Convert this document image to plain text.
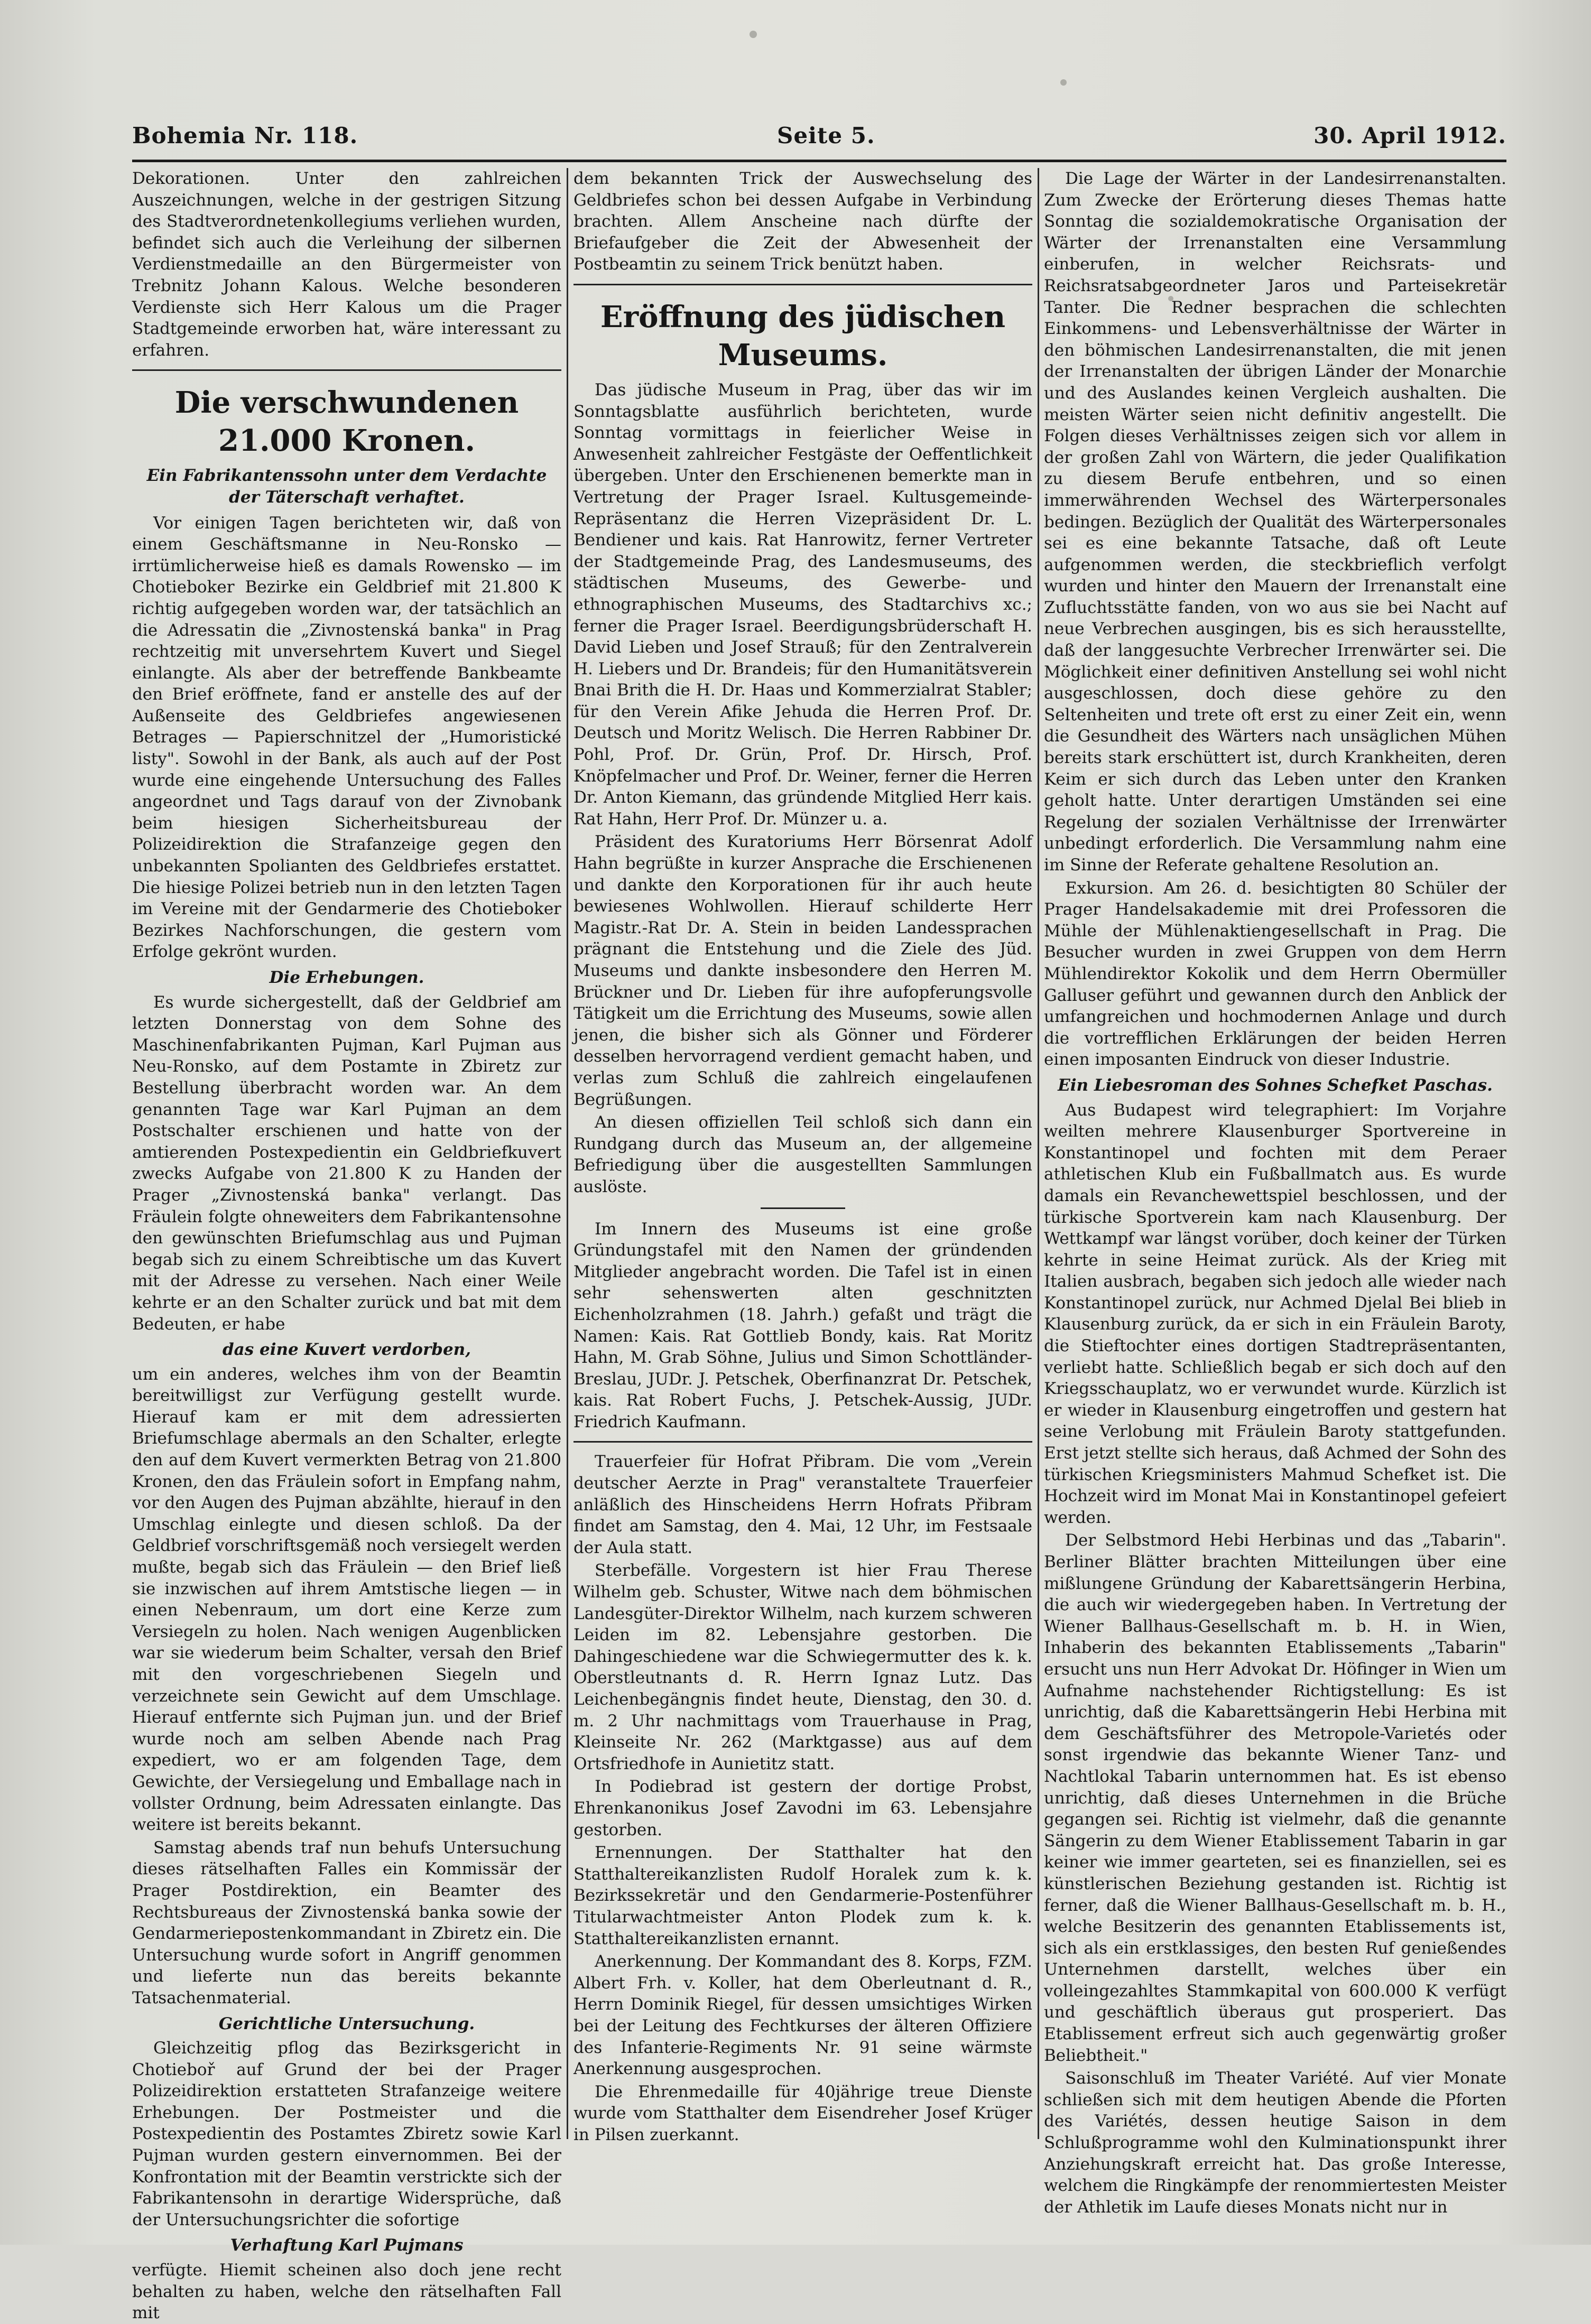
Bohemia Nr. 118.	Seite 5.	30. April 1912.

Dekorationen. Unter den zahlreichen Auszeichnungen, welche in der gestrigen Sitzung des Stadtverordnetenkollegiums verliehen wurden, befindet sich auch die Verleihung der silbernen Verdienstmedaille an den Bürgermeister von Trebnitz Johann Kalous. Welche besonderen Verdienste sich Herr Kalous um die Prager Stadtgemeinde erworben hat, wäre interessant zu erfahren.

Die verschwundenen 21.000 Kronen.
Ein Fabrikantenssohn unter dem Verdachte der Täterschaft verhaftet.

Vor einigen Tagen berichteten wir, daß von einem Geschäftsmanne in Neu-Ronsko — irrtümlicherweise hieß es damals Rowensko — im Chotieboker Bezirke ein Geldbrief mit 21.800 K richtig aufgegeben worden war, der tatsächlich an die Adressatin die „Zivnostenská banka" in Prag rechtzeitig mit unversehrtem Kuvert und Siegel einlangte. Als aber der betreffende Bankbeamte den Brief eröffnete, fand er anstelle des auf der Außenseite des Geldbriefes angewiesenen Betrages — Papierschnitzel der „Humoristické listy". Sowohl in der Bank, als auch auf der Post wurde eine eingehende Untersuchung des Falles angeordnet und Tags darauf von der Zivnobank beim hiesigen Sicherheitsbureau der Polizeidirektion die Strafanzeige gegen den unbekannten Spolianten des Geldbriefes erstattet. Die hiesige Polizei betrieb nun in den letzten Tagen im Vereine mit der Gendarmerie des Chotieboker Bezirkes Nachforschungen, die gestern vom Erfolge gekrönt wurden.

Die Erhebungen.

Es wurde sichergestellt, daß der Geldbrief am letzten Donnerstag von dem Sohne des Maschinenfabrikanten Pujman, Karl Pujman aus Neu-Ronsko, auf dem Postamte in Zbiretz zur Bestellung überbracht worden war. An dem genannten Tage war Karl Pujman an dem Postschalter erschienen und hatte von der amtierenden Postexpedientin ein Geldbriefkuvert zwecks Aufgabe von 21.800 K zu Handen der Prager „Zivnostenská banka" verlangt. Das Fräulein folgte ohneweiters dem Fabrikantensohne den gewünschten Briefumschlag aus und Pujman begab sich zu einem Schreibtische um das Kuvert mit der Adresse zu versehen. Nach einer Weile kehrte er an den Schalter zurück und bat mit dem Bedeuten, er habe

das eine Kuvert verdorben,

um ein anderes, welches ihm von der Beamtin bereitwilligst zur Verfügung gestellt wurde. Hierauf kam er mit dem adressierten Briefumschlage abermals an den Schalter, erlegte den auf dem Kuvert vermerkten Betrag von 21.800 Kronen, den das Fräulein sofort in Empfang nahm, vor den Augen des Pujman abzählte, hierauf in den Umschlag einlegte und diesen schloß. Da der Geldbrief vorschriftsgemäß noch versiegelt werden mußte, begab sich das Fräulein — den Brief ließ sie inzwischen auf ihrem Amtstische liegen — in einen Nebenraum, um dort eine Kerze zum Versiegeln zu holen. Nach wenigen Augenblicken war sie wiederum beim Schalter, versah den Brief mit den vorgeschriebenen Siegeln und verzeichnete sein Gewicht auf dem Umschlage. Hierauf entfernte sich Pujman jun. und der Brief wurde noch am selben Abende nach Prag expediert, wo er am folgenden Tage, dem Gewichte, der Versiegelung und Emballage nach in vollster Ordnung, beim Adressaten einlangte. Das weitere ist bereits bekannt.

Samstag abends traf nun behufs Untersuchung dieses rätselhaften Falles ein Kommissär der Prager Postdirektion, ein Beamter des Rechtsbureaus der Zivnostenská banka sowie der Gendarmeriepostenkommandant in Zbiretz ein. Die Untersuchung wurde sofort in Angriff genommen und lieferte nun das bereits bekannte Tatsachenmaterial.

Gerichtliche Untersuchung.

Gleichzeitig pflog das Bezirksgericht in Chotieboř auf Grund der bei der Prager Polizeidirektion erstatteten Strafanzeige weitere Erhebungen. Der Postmeister und die Postexpedientin des Postamtes Zbiretz sowie Karl Pujman wurden gestern einvernommen. Bei der Konfrontation mit der Beamtin verstrickte sich der Fabrikantensohn in derartige Widersprüche, daß der Untersuchungsrichter die sofortige

Verhaftung Karl Pujmans

verfügte. Hiemit scheinen also doch jene recht behalten zu haben, welche den rätselhaften Fall mit

dem bekannten Trick der Auswechselung des Geldbriefes schon bei dessen Aufgabe in Verbindung brachten. Allem Anscheine nach dürfte der Briefaufgeber die Zeit der Abwesenheit der Postbeamtin zu seinem Trick benützt haben.

Eröffnung des jüdischen Museums.

Das jüdische Museum in Prag, über das wir im Sonntagsblatte ausführlich berichteten, wurde Sonntag vormittags in feierlicher Weise in Anwesenheit zahlreicher Festgäste der Oeffentlichkeit übergeben. Unter den Erschienenen bemerkte man in Vertretung der Prager Israel. Kultusgemeinde-Repräsentanz die Herren Vizepräsident Dr. L. Bendiener und kais. Rat Hanrowitz, ferner Vertreter der Stadtgemeinde Prag, des Landesmuseums, des städtischen Museums, des Gewerbe- und ethnographischen Museums, des Stadtarchivs xc.; ferner die Prager Israel. Beerdigungsbrüderschaft H. David Lieben und Josef Strauß; für den Zentralverein H. Liebers und Dr. Brandeis; für den Humanitätsverein Bnai Brith die H. Dr. Haas und Kommerzialrat Stabler; für den Verein Afike Jehuda die Herren Prof. Dr. Deutsch und Moritz Welisch. Die Herren Rabbiner Dr. Pohl, Prof. Dr. Grün, Prof. Dr. Hirsch, Prof. Knöpfelmacher und Prof. Dr. Weiner, ferner die Herren Dr. Anton Kiemann, das gründende Mitglied Herr kais. Rat Hahn, Herr Prof. Dr. Münzer u. a.

Präsident des Kuratoriums Herr Börsenrat Adolf Hahn begrüßte in kurzer Ansprache die Erschienenen und dankte den Korporationen für ihr auch heute bewiesenes Wohlwollen. Hierauf schilderte Herr Magistr.-Rat Dr. A. Stein in beiden Landessprachen prägnant die Entstehung und die Ziele des Jüd. Museums und dankte insbesondere den Herren M. Brückner und Dr. Lieben für ihre aufopferungsvolle Tätigkeit um die Errichtung des Museums, sowie allen jenen, die bisher sich als Gönner und Förderer desselben hervorragend verdient gemacht haben, und verlas zum Schluß die zahlreich eingelaufenen Begrüßungen.

An diesen offiziellen Teil schloß sich dann ein Rundgang durch das Museum an, der allgemeine Befriedigung über die ausgestellten Sammlungen auslöste.

Im Innern des Museums ist eine große Gründungstafel mit den Namen der gründenden Mitglieder angebracht worden. Die Tafel ist in einen sehr sehenswerten alten geschnitzten Eichenholzrahmen (18. Jahrh.) gefaßt und trägt die Namen: Kais. Rat Gottlieb Bondy, kais. Rat Moritz Hahn, M. Grab Söhne, Julius und Simon Schottländer-Breslau, JUDr. J. Petschek, Oberfinanzrat Dr. Petschek, kais. Rat Robert Fuchs, J. Petschek-Aussig, JUDr. Friedrich Kaufmann.

Trauerfeier für Hofrat Přibram. Die vom „Verein deutscher Aerzte in Prag" veranstaltete Trauerfeier anläßlich des Hinscheidens Herrn Hofrats Přibram findet am Samstag, den 4. Mai, 12 Uhr, im Festsaale der Aula statt.

Sterbefälle. Vorgestern ist hier Frau Therese Wilhelm geb. Schuster, Witwe nach dem böhmischen Landesgüter-Direktor Wilhelm, nach kurzem schweren Leiden im 82. Lebensjahre gestorben. Die Dahingeschiedene war die Schwiegermutter des k. k. Oberstleutnants d. R. Herrn Ignaz Lutz. Das Leichenbegängnis findet heute, Dienstag, den 30. d. m. 2 Uhr nachmittags vom Trauerhause in Prag, Kleinseite Nr. 262 (Marktgasse) aus auf dem Ortsfriedhofe in Aunietitz statt.

In Podiebrad ist gestern der dortige Probst, Ehrenkanonikus Josef Zavodni im 63. Lebensjahre gestorben.

Ernennungen. Der Statthalter hat den Statthaltereikanzlisten Rudolf Horalek zum k. k. Bezirkssekretär und den Gendarmerie-Postenführer Titularwachtmeister Anton Plodek zum k. k. Statthaltereikanzlisten ernannt.

Anerkennung. Der Kommandant des 8. Korps, FZM. Albert Frh. v. Koller, hat dem Oberleutnant d. R., Herrn Dominik Riegel, für dessen umsichtiges Wirken bei der Leitung des Fechtkurses der älteren Offiziere des Infanterie-Regiments Nr. 91 seine wärmste Anerkennung ausgesprochen.

Die Ehrenmedaille für 40jährige treue Dienste wurde vom Statthalter dem Eisendreher Josef Krüger in Pilsen zuerkannt.

Die Lage der Wärter in der Landesirrenanstalten. Zum Zwecke der Erörterung dieses Themas hatte Sonntag die sozialdemokratische Organisation der Wärter der Irrenanstalten eine Versammlung einberufen, in welcher Reichsrats- und Reichsratsabgeordneter Jaros und Parteisekretär Tanter. Die Redner besprachen die schlechten Einkommens- und Lebensverhältnisse der Wärter in den böhmischen Landesirrenanstalten, die mit jenen der Irrenanstalten der übrigen Länder der Monarchie und des Auslandes keinen Vergleich aushalten. Die meisten Wärter seien nicht definitiv angestellt. Die Folgen dieses Verhältnisses zeigen sich vor allem in der großen Zahl von Wärtern, die jeder Qualifikation zu diesem Berufe entbehren, und so einen immerwährenden Wechsel des Wärterpersonales bedingen. Bezüglich der Qualität des Wärterpersonales sei es eine bekannte Tatsache, daß oft Leute aufgenommen werden, die steckbrieflich verfolgt wurden und hinter den Mauern der Irrenanstalt eine Zufluchtsstätte fanden, von wo aus sie bei Nacht auf neue Verbrechen ausgingen, bis es sich herausstellte, daß der langgesuchte Verbrecher Irrenwärter sei. Die Möglichkeit einer definitiven Anstellung sei wohl nicht ausgeschlossen, doch diese gehöre zu den Seltenheiten und trete oft erst zu einer Zeit ein, wenn die Gesundheit des Wärters nach unsäglichen Mühen bereits stark erschüttert ist, durch Krankheiten, deren Keim er sich durch das Leben unter den Kranken geholt hatte. Unter derartigen Umständen sei eine Regelung der sozialen Verhältnisse der Irrenwärter unbedingt erforderlich. Die Versammlung nahm eine im Sinne der Referate gehaltene Resolution an.

Exkursion. Am 26. d. besichtigten 80 Schüler der Prager Handelsakademie mit drei Professoren die Mühle der Mühlenaktiengesellschaft in Prag. Die Besucher wurden in zwei Gruppen von dem Herrn Mühlendirektor Kokolik und dem Herrn Obermüller Galluser geführt und gewannen durch den Anblick der umfangreichen und hochmodernen Anlage und durch die vortrefflichen Erklärungen der beiden Herren einen imposanten Eindruck von dieser Industrie.

Ein Liebesroman des Sohnes Schefket Paschas.

Aus Budapest wird telegraphiert: Im Vorjahre weilten mehrere Klausenburger Sportvereine in Konstantinopel und fochten mit dem Peraer athletischen Klub ein Fußballmatch aus. Es wurde damals ein Revanchewettspiel beschlossen, und der türkische Sportverein kam nach Klausenburg. Der Wettkampf war längst vorüber, doch keiner der Türken kehrte in seine Heimat zurück. Als der Krieg mit Italien ausbrach, begaben sich jedoch alle wieder nach Konstantinopel zurück, nur Achmed Djelal Bei blieb in Klausenburg zurück, da er sich in ein Fräulein Baroty, die Stieftochter eines dortigen Stadtrepräsentanten, verliebt hatte. Schließlich begab er sich doch auf den Kriegsschauplatz, wo er verwundet wurde. Kürzlich ist er wieder in Klausenburg eingetroffen und gestern hat seine Verlobung mit Fräulein Baroty stattgefunden. Erst jetzt stellte sich heraus, daß Achmed der Sohn des türkischen Kriegsministers Mahmud Schefket ist. Die Hochzeit wird im Monat Mai in Konstantinopel gefeiert werden.

Der Selbstmord Hebi Herbinas und das „Tabarin". Berliner Blätter brachten Mitteilungen über eine mißlungene Gründung der Kabarettsängerin Herbina, die auch wir wiedergegeben haben. In Vertretung der Wiener Ballhaus-Gesellschaft m. b. H. in Wien, Inhaberin des bekannten Etablissements „Tabarin" ersucht uns nun Herr Advokat Dr. Höfinger in Wien um Aufnahme nachstehender Richtigstellung: Es ist unrichtig, daß die Kabarettsängerin Hebi Herbina mit dem Geschäftsführer des Metropole-Varietés oder sonst irgendwie das bekannte Wiener Tanz- und Nachtlokal Tabarin unternommen hat. Es ist ebenso unrichtig, daß dieses Unternehmen in die Brüche gegangen sei. Richtig ist vielmehr, daß die genannte Sängerin zu dem Wiener Etablissement Tabarin in gar keiner wie immer gearteten, sei es finanziellen, sei es künstlerischen Beziehung gestanden ist. Richtig ist ferner, daß die Wiener Ballhaus-Gesellschaft m. b. H., welche Besitzerin des genannten Etablissements ist, sich als ein erstklassiges, den besten Ruf genießendes Unternehmen darstellt, welches über ein volleingezahltes Stammkapital von 600.000 K verfügt und geschäftlich überaus gut prosperiert. Das Etablissement erfreut sich auch gegenwärtig großer Beliebtheit."

Saisonschluß im Theater Variété. Auf vier Monate schließen sich mit dem heutigen Abende die Pforten des Variétés, dessen heutige Saison in dem Schlußprogramme wohl den Kulminationspunkt ihrer Anziehungskraft erreicht hat. Das große Interesse, welchem die Ringkämpfe der renommiertesten Meister der Athletik im Laufe dieses Monats nicht nur in
